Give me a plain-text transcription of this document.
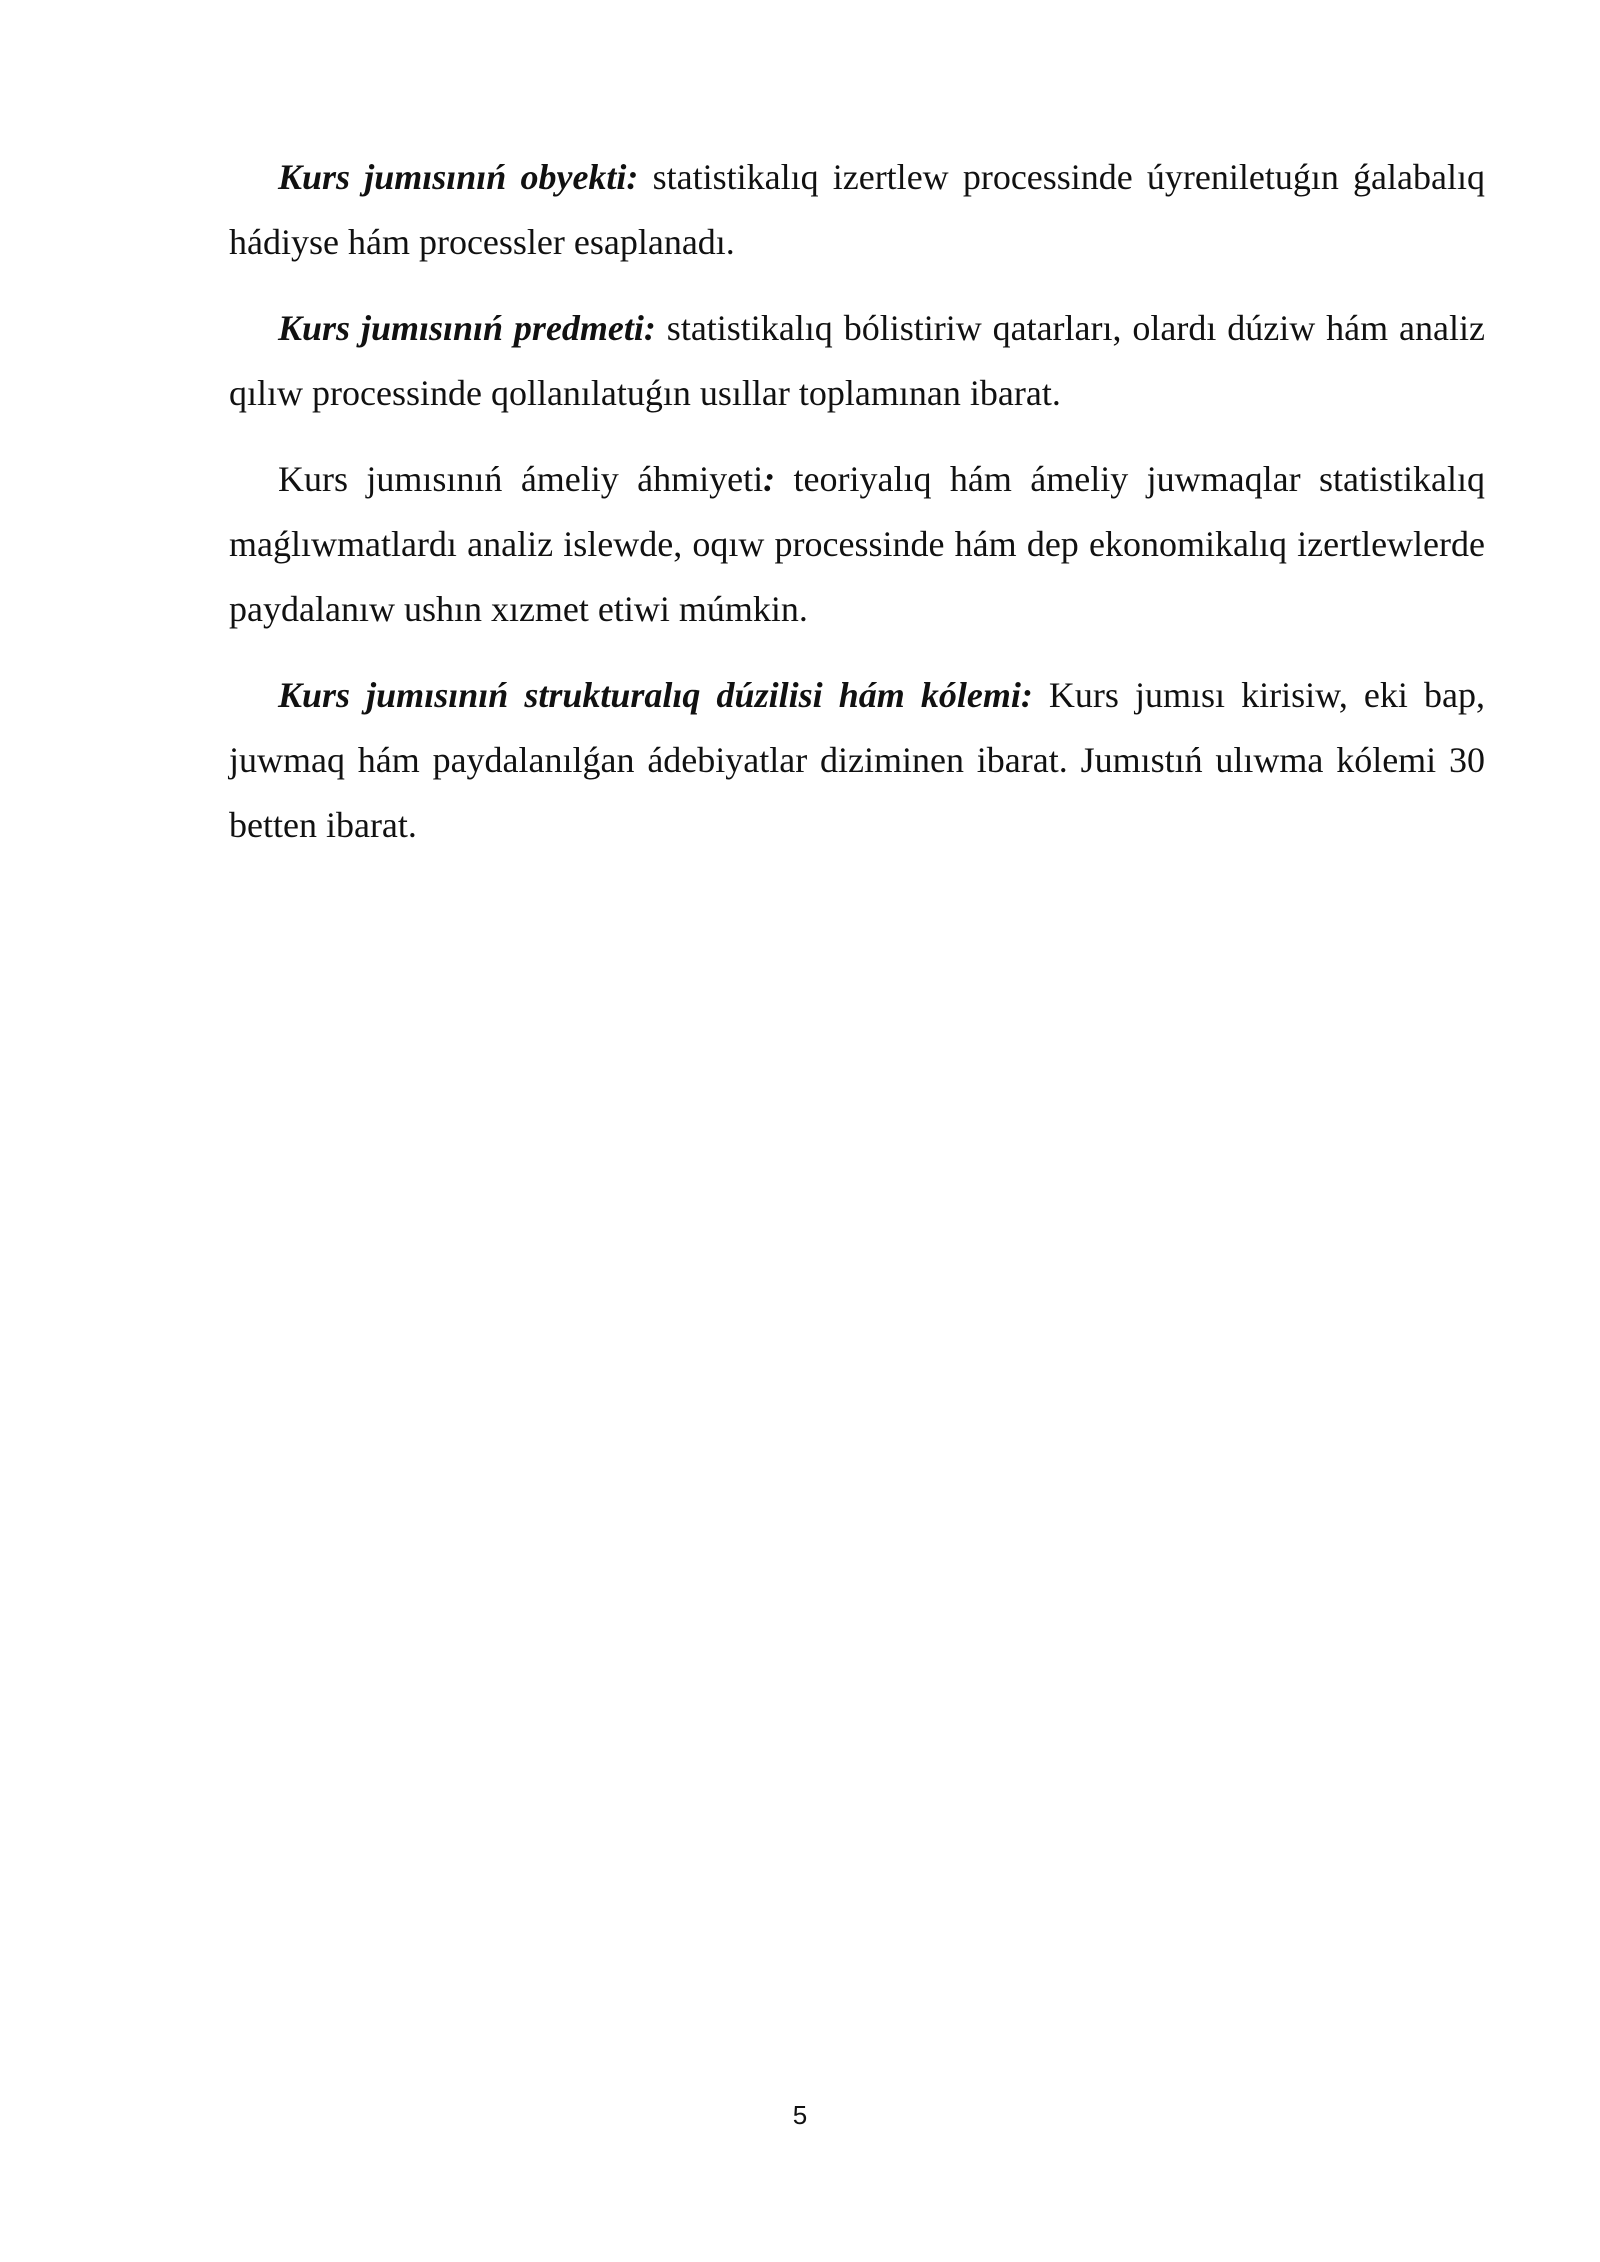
Kurs jumısınıń obyekti: statistikalıq izertlew processinde úyreniletuǵın ǵalabalıq hádiyse hám processler esaplanadı.

Kurs jumısınıń predmeti: statistikalıq bólistiriw qatarları, olardı dúziw hám analiz qılıw processinde qollanılatuǵın usıllar toplamınan ibarat.

Kurs jumısınıń ámeliy áhmiyeti: teoriyalıq hám ámeliy juwmaqlar statistikalıq maǵlıwmatlardı analiz islewde, oqıw processinde hám dep ekonomikalıq izertlewlerde paydalanıw ushın xızmet etiwi múmkin.

Kurs jumısınıń strukturalıq dúzilisi hám kólemi: Kurs jumısı kirisiw, eki bap, juwmaq hám paydalanılǵan ádebiyatlar diziminen ibarat. Jumıstıń ulıwma kólemi 30 betten ibarat.

5
